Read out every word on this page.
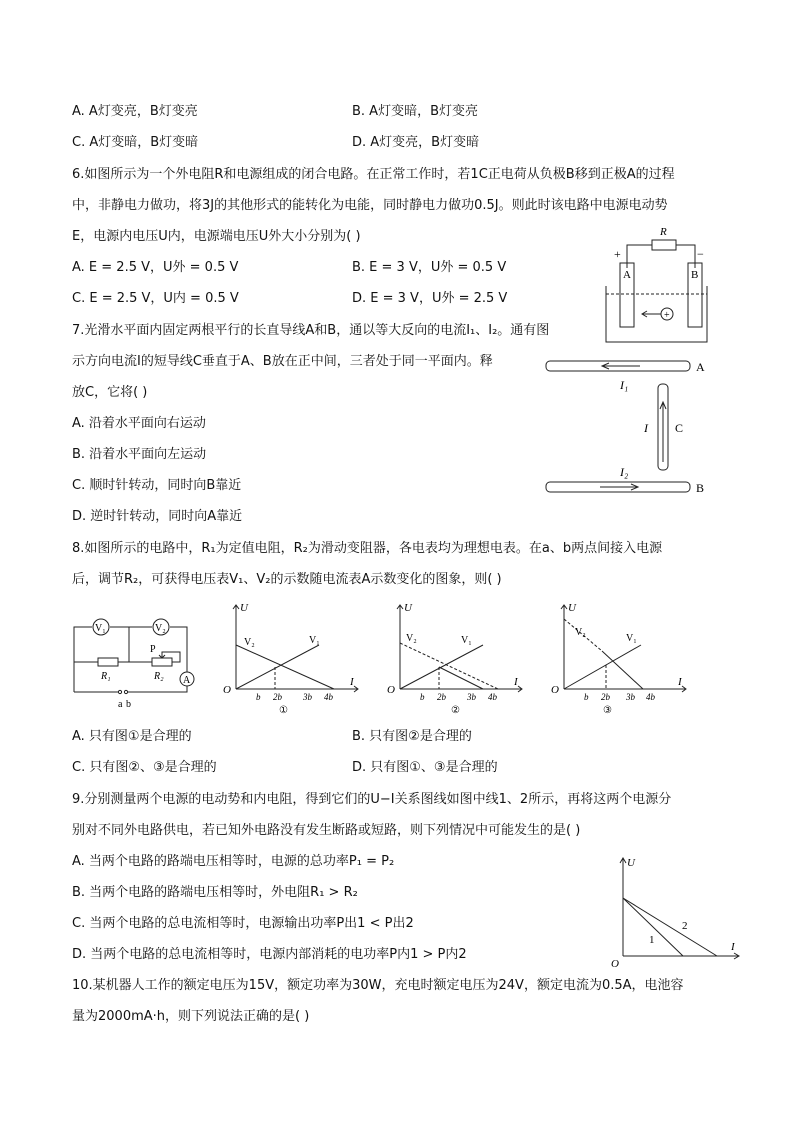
A. A灯变亮，B灯变亮	B. A灯变暗，B灯变亮
C. A灯变暗，B灯变暗	D. A灯变亮，B灯变暗
6.如图所示为一个外电阻R和电源组成的闭合电路。在正常工作时，若1C正电荷从负极B移到正极A的过程
中，非静电力做功，将3J的其他形式的能转化为电能，同时静电力做功0.5J。则此时该电路中电源电动势
E，电源内电压U内，电源端电压U外大小分别为( )
A. E = 2.5 V，U外 = 0.5 V	B. E = 3 V，U外 = 0.5 V
C. E = 2.5 V，U内 = 0.5 V	D. E = 3 V，U外 = 2.5 V
R
+	−
A	B
+
7.光滑水平面内固定两根平行的长直导线A和B，通以等大反向的电流I₁、I₂。通有图
示方向电流I的短导线C垂直于A、B放在正中间，三者处于同一平面内。释
放C，它将( )
A. 沿着水平面向右运动
B. 沿着水平面向左运动
C. 顺时针转动，同时向B靠近
D. 逆时针转动，同时向A靠近
A
I₁
I C
I₂
B
8.如图所示的电路中，R₁为定值电阻，R₂为滑动变阻器，各电表均为理想电表。在a、b两点间接入电源
后，调节R₂，可获得电压表V₁、V₂的示数随电流表A示数变化的图象，则( )
V₁	V₂
R₁	R₂
P
A
a b
U
I
O
V₂	V₁
b 2b 3b 4b
①
U
I
O
V₂	V₁
b 2b 3b 4b
②
U
I
O
V₂
V₁
b 2b 3b 4b
③
A. 只有图①是合理的	B. 只有图②是合理的
C. 只有图②、③是合理的	D. 只有图①、③是合理的
9.分别测量两个电源的电动势和内电阻，得到它们的U−I关系图线如图中线1、2所示，再将这两个电源分
别对不同外电路供电，若已知外电路没有发生断路或短路，则下列情况中可能发生的是( )
A. 当两个电路的路端电压相等时，电源的总功率P₁ = P₂
B. 当两个电路的路端电压相等时，外电阻R₁ > R₂
C. 当两个电路的总电流相等时，电源输出功率P出1 < P出2
D. 当两个电路的总电流相等时，电源内部消耗的电功率P内1 > P内2
U
I
O
1
2
10.某机器人工作的额定电压为15V，额定功率为30W，充电时额定电压为24V，额定电流为0.5A，电池容
量为2000mA·h，则下列说法正确的是( )
